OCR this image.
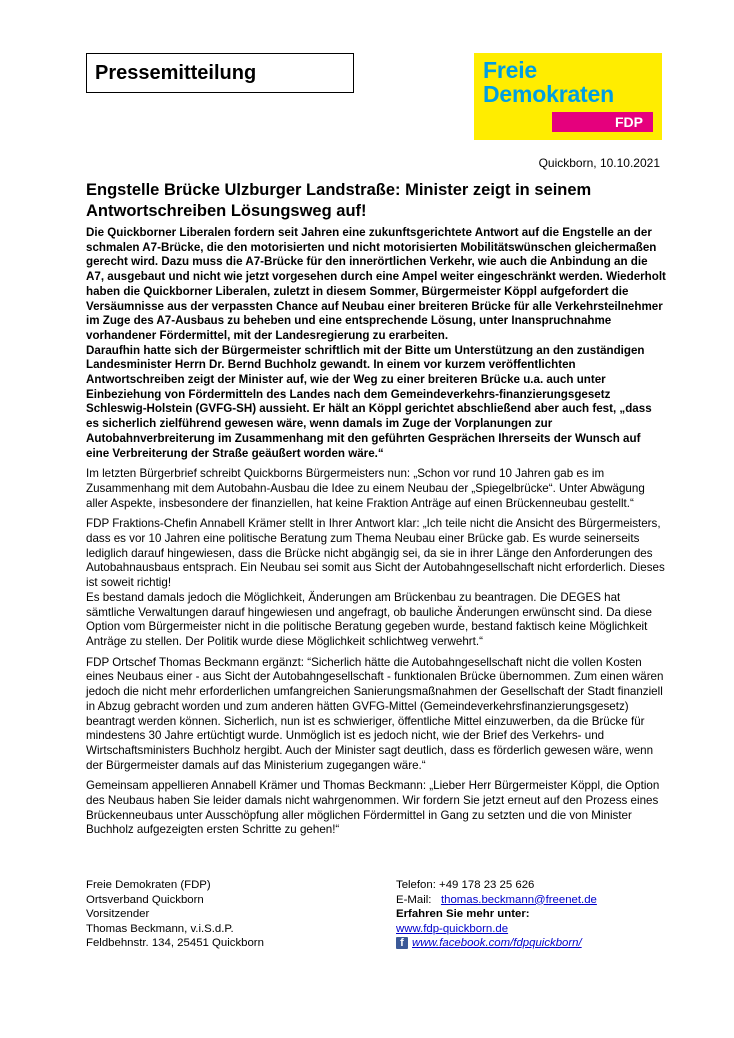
Pressemitteilung	Freie
Demokraten
FDP
Quickborn, 10.10.2021
Engstelle Brücke Ulzburger Landstraße: Minister zeigt in seinem Antwortschreiben Lösungsweg auf!

Die Quickborner Liberalen fordern seit Jahren eine zukunftsgerichtete Antwort auf die Engstelle an der schmalen A7-Brücke, die den motorisierten und nicht motorisierten Mobilitätswünschen gleichermaßen gerecht wird. Dazu muss die A7-Brücke für den innerörtlichen Verkehr, wie auch die Anbindung an die A7, ausgebaut und nicht wie jetzt vorgesehen durch eine Ampel weiter eingeschränkt werden. Wiederholt haben die Quickborner Liberalen, zuletzt in diesem Sommer, Bürgermeister Köppl aufgefordert die Versäumnisse aus der verpassten Chance auf Neubau einer breiteren Brücke für alle Verkehrsteilnehmer im Zuge des A7-Ausbaus zu beheben und eine entsprechende Lösung, unter Inanspruchnahme vorhandener Fördermittel, mit der Landesregierung zu erarbeiten.

Daraufhin hatte sich der Bürgermeister schriftlich mit der Bitte um Unterstützung an den zuständigen Landesminister Herrn Dr. Bernd Buchholz gewandt. In einem vor kurzem veröffentlichten Antwortschreiben zeigt der Minister auf, wie der Weg zu einer breiteren Brücke u.a. auch unter Einbeziehung von Fördermitteln des Landes nach dem Gemeindeverkehrs-finanzierungsgesetz Schleswig-Holstein (GVFG-SH) aussieht. Er hält an Köppl gerichtet abschließend aber auch fest, „dass es sicherlich zielführend gewesen wäre, wenn damals im Zuge der Vorplanungen zur Autobahnverbreiterung im Zusammenhang mit den geführten Gesprächen Ihrerseits der Wunsch auf eine Verbreiterung der Straße geäußert worden wäre.“

Im letzten Bürgerbrief schreibt Quickborns Bürgermeisters nun: „Schon vor rund 10 Jahren gab es im Zusammenhang mit dem Autobahn-Ausbau die Idee zu einem Neubau der „Spiegelbrücke“. Unter Abwägung aller Aspekte, insbesondere der finanziellen, hat keine Fraktion Anträge auf einen Brückenneubau gestellt.“

FDP Fraktions-Chefin Annabell Krämer stellt in Ihrer Antwort klar: „Ich teile nicht die Ansicht des Bürgermeisters, dass es vor 10 Jahren eine politische Beratung zum Thema Neubau einer Brücke gab. Es wurde seinerseits lediglich darauf hingewiesen, dass die Brücke nicht abgängig sei, da sie in ihrer Länge den Anforderungen des Autobahnausbaus entsprach. Ein Neubau sei somit aus Sicht der Autobahngesellschaft nicht erforderlich. Dieses ist soweit richtig!

Es bestand damals jedoch die Möglichkeit, Änderungen am Brückenbau zu beantragen. Die DEGES hat sämtliche Verwaltungen darauf hingewiesen und angefragt, ob bauliche Änderungen erwünscht sind. Da diese Option vom Bürgermeister nicht in die politische Beratung gegeben wurde, bestand faktisch keine Möglichkeit Anträge zu stellen. Der Politik wurde diese Möglichkeit schlichtweg verwehrt.“

FDP Ortschef Thomas Beckmann ergänzt: “Sicherlich hätte die Autobahngesellschaft nicht die vollen Kosten eines Neubaus einer - aus Sicht der Autobahngesellschaft - funktionalen Brücke übernommen. Zum einen wären jedoch die nicht mehr erforderlichen umfangreichen Sanierungsmaßnahmen der Gesellschaft der Stadt finanziell in Abzug gebracht worden und zum anderen hätten GVFG-Mittel (Gemeindeverkehrsfinanzierungsgesetz) beantragt werden können. Sicherlich, nun ist es schwieriger, öffentliche Mittel einzuwerben, da die Brücke für mindestens 30 Jahre ertüchtigt wurde. Unmöglich ist es jedoch nicht, wie der Brief des Verkehrs- und Wirtschaftsministers Buchholz hergibt. Auch der Minister sagt deutlich, dass es förderlich gewesen wäre, wenn der Bürgermeister damals auf das Ministerium zugegangen wäre.“

Gemeinsam appellieren Annabell Krämer und Thomas Beckmann: „Lieber Herr Bürgermeister Köppl, die Option des Neubaus haben Sie leider damals nicht wahrgenommen. Wir fordern Sie jetzt erneut auf den Prozess eines Brückenneubaus unter Ausschöpfung aller möglichen Fördermittel in Gang zu setzten und die von Minister Buchholz aufgezeigten ersten Schritte zu gehen!“

Freie Demokraten (FDP)
Ortsverband Quickborn
Vorsitzender
Thomas Beckmann, v.i.S.d.P.
Feldbehnstr. 134, 25451 Quickborn
Telefon: +49 178 23 25 626
E-Mail: thomas.beckmann@freenet.de
Erfahren Sie mehr unter:
www.fdp-quickborn.de
f www.facebook.com/fdpquickborn/
